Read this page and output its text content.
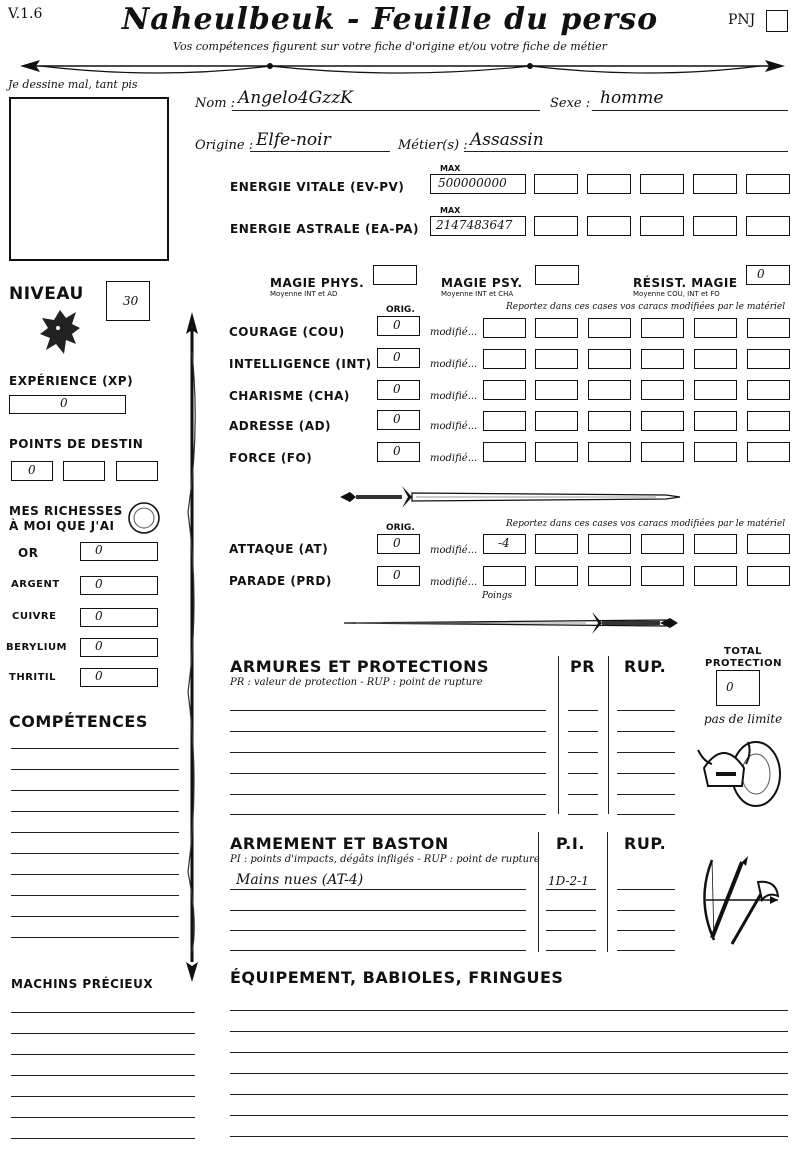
V.1.6	Naheulbeuk - Feuille du perso
Vos compétences figurent sur votre fiche d'origine et/ou votre fiche de métier
PNJ
Je dessine mal, tant pis
Nom : Angelo4GzzK	Sexe : homme
Origine : Elfe-noir	Métier(s) : Assassin
MAX
ENERGIE VITALE (EV-PV)	500000000
MAX
ENERGIE ASTRALE (EA-PA) 2147483647
MAGIE PHYS.
Moyenne INT et AD
MAGIE PSY.
Moyenne INT et CHA
RÉSIST. MAGIE
Moyenne COU, INT et FO
0
NIVEAU	30
EXPÉRIENCE (XP)
0
POINTS DE DESTIN
0
MES RICHESSES
À MOI QUE J'AI
OR	0
ARGENT	0
CUIVRE	0
BERYLIUM 0
THRITIL	0
COMPÉTENCES
ORIG.	Reportez dans ces cases vos caracs modifiées par le matériel
COURAGE (COU)	0
modifié...
INTELLIGENCE (INT) 0
modifié...
CHARISME (CHA)	0
modifié...
ADRESSE (AD)	0
modifié...
FORCE (FO)	0
modifié...
ORIG.	Reportez dans ces cases vos caracs modifiées par le matériel
ATTAQUE (AT)	0
modifié...
-4
PARADE (PRD)	0
modifié...
Poings
ARMURES ET PROTECTIONS
PR : valeur de protection - RUP : point de rupture
PR RUP.
TOTAL
PROTECTION
0
pas de limite
ARMEMENT ET BASTON
PI : points d'impacts, dégâts infligés - RUP : point de rupture
P.I. RUP.
Mains nues (AT-4)	1D-2-1
MACHINS PRÉCIEUX	ÉQUIPEMENT, BABIOLES, FRINGUES
